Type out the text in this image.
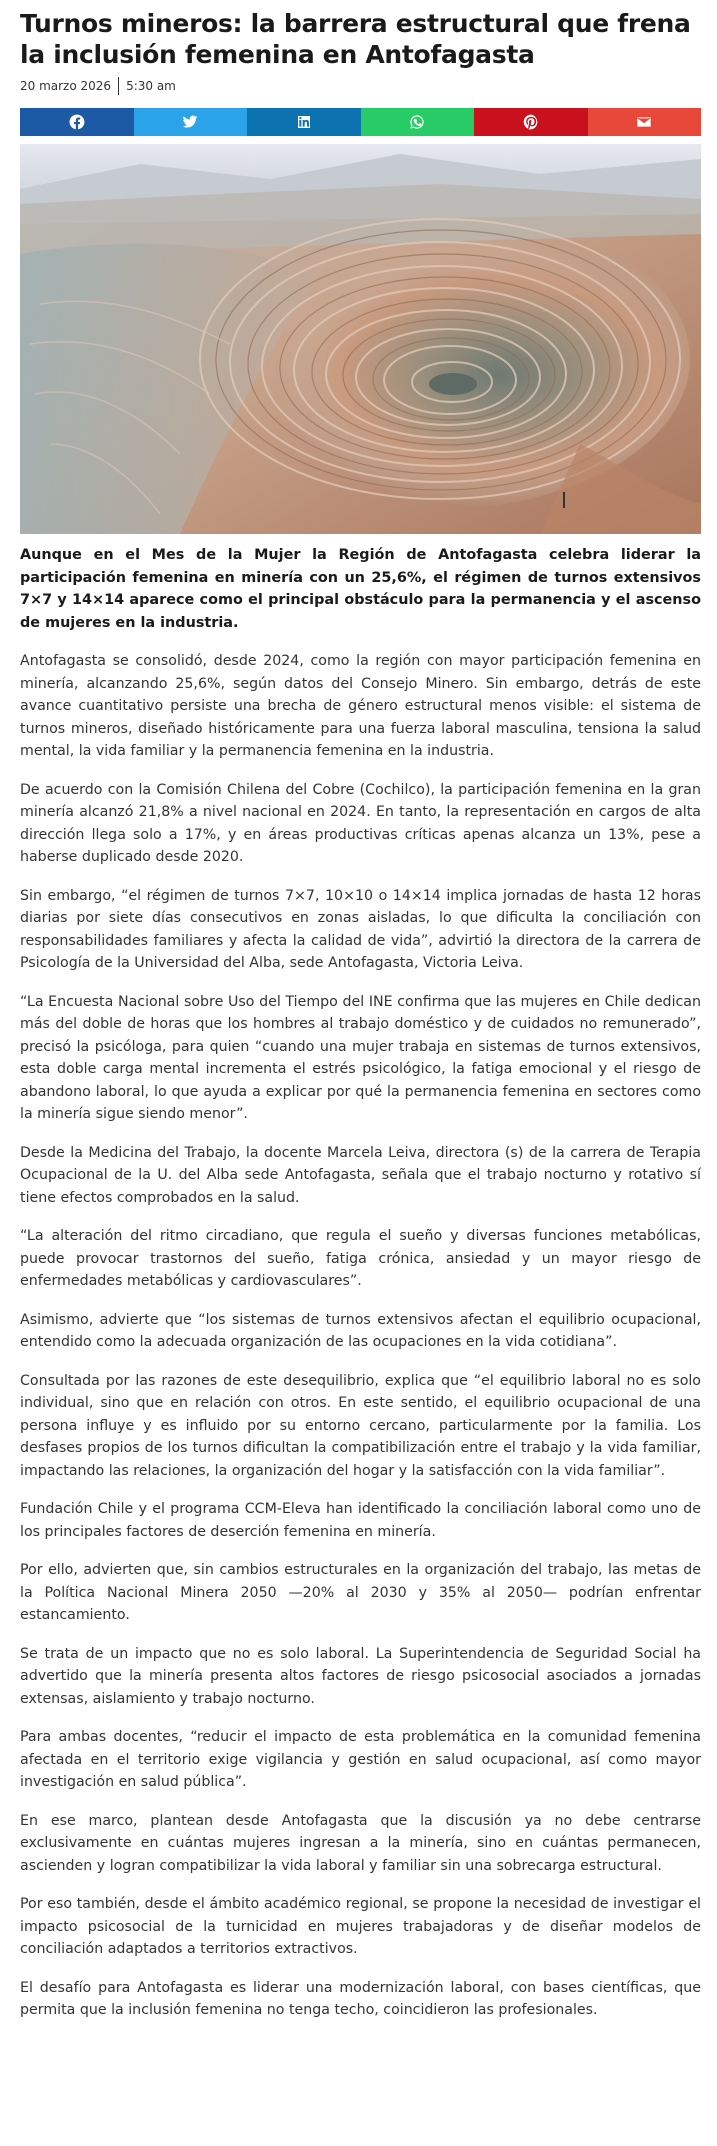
Turnos mineros: la barrera estructural que frena la inclusión femenina en Antofagasta
20 marzo 2026 5:30 am

Aunque en el Mes de la Mujer la Región de Antofagasta celebra liderar la participación femenina en minería con un 25,6%, el régimen de turnos extensivos 7×7 y 14×14 aparece como el principal obstáculo para la permanencia y el ascenso de mujeres en la industria.

Antofagasta se consolidó, desde 2024, como la región con mayor participación femenina en minería, alcanzando 25,6%, según datos del Consejo Minero. Sin embargo, detrás de este avance cuantitativo persiste una brecha de género estructural menos visible: el sistema de turnos mineros, diseñado históricamente para una fuerza laboral masculina, tensiona la salud mental, la vida familiar y la permanencia femenina en la industria.

De acuerdo con la Comisión Chilena del Cobre (Cochilco), la participación femenina en la gran minería alcanzó 21,8% a nivel nacional en 2024. En tanto, la representación en cargos de alta dirección llega solo a 17%, y en áreas productivas críticas apenas alcanza un 13%, pese a haberse duplicado desde 2020.

Sin embargo, “el régimen de turnos 7×7, 10×10 o 14×14 implica jornadas de hasta 12 horas diarias por siete días consecutivos en zonas aisladas, lo que dificulta la conciliación con responsabilidades familiares y afecta la calidad de vida”, advirtió la directora de la carrera de Psicología de la Universidad del Alba, sede Antofagasta, Victoria Leiva.

“La Encuesta Nacional sobre Uso del Tiempo del INE confirma que las mujeres en Chile dedican más del doble de horas que los hombres al trabajo doméstico y de cuidados no remunerado”, precisó la psicóloga, para quien “cuando una mujer trabaja en sistemas de turnos extensivos, esta doble carga mental incrementa el estrés psicológico, la fatiga emocional y el riesgo de abandono laboral, lo que ayuda a explicar por qué la permanencia femenina en sectores como la minería sigue siendo menor”.

Desde la Medicina del Trabajo, la docente Marcela Leiva, directora (s) de la carrera de Terapia Ocupacional de la U. del Alba sede Antofagasta, señala que el trabajo nocturno y rotativo sí tiene efectos comprobados en la salud.

“La alteración del ritmo circadiano, que regula el sueño y diversas funciones metabólicas, puede provocar trastornos del sueño, fatiga crónica, ansiedad y un mayor riesgo de enfermedades metabólicas y cardiovasculares”.

Asimismo, advierte que “los sistemas de turnos extensivos afectan el equilibrio ocupacional, entendido como la adecuada organización de las ocupaciones en la vida cotidiana”.

Consultada por las razones de este desequilibrio, explica que “el equilibrio laboral no es solo individual, sino que en relación con otros. En este sentido, el equilibrio ocupacional de una persona influye y es influido por su entorno cercano, particularmente por la familia. Los desfases propios de los turnos dificultan la compatibilización entre el trabajo y la vida familiar, impactando las relaciones, la organización del hogar y la satisfacción con la vida familiar”.

Fundación Chile y el programa CCM-Eleva han identificado la conciliación laboral como uno de los principales factores de deserción femenina en minería.

Por ello, advierten que, sin cambios estructurales en la organización del trabajo, las metas de la Política Nacional Minera 2050 —20% al 2030 y 35% al 2050— podrían enfrentar estancamiento.

Se trata de un impacto que no es solo laboral. La Superintendencia de Seguridad Social ha advertido que la minería presenta altos factores de riesgo psicosocial asociados a jornadas extensas, aislamiento y trabajo nocturno.

Para ambas docentes, “reducir el impacto de esta problemática en la comunidad femenina afectada en el territorio exige vigilancia y gestión en salud ocupacional, así como mayor investigación en salud pública”.

En ese marco, plantean desde Antofagasta que la discusión ya no debe centrarse exclusivamente en cuántas mujeres ingresan a la minería, sino en cuántas permanecen, ascienden y logran compatibilizar la vida laboral y familiar sin una sobrecarga estructural.

Por eso también, desde el ámbito académico regional, se propone la necesidad de investigar el impacto psicosocial de la turnicidad en mujeres trabajadoras y de diseñar modelos de conciliación adaptados a territorios extractivos.

El desafío para Antofagasta es liderar una modernización laboral, con bases científicas, que permita que la inclusión femenina no tenga techo, coincidieron las profesionales.
